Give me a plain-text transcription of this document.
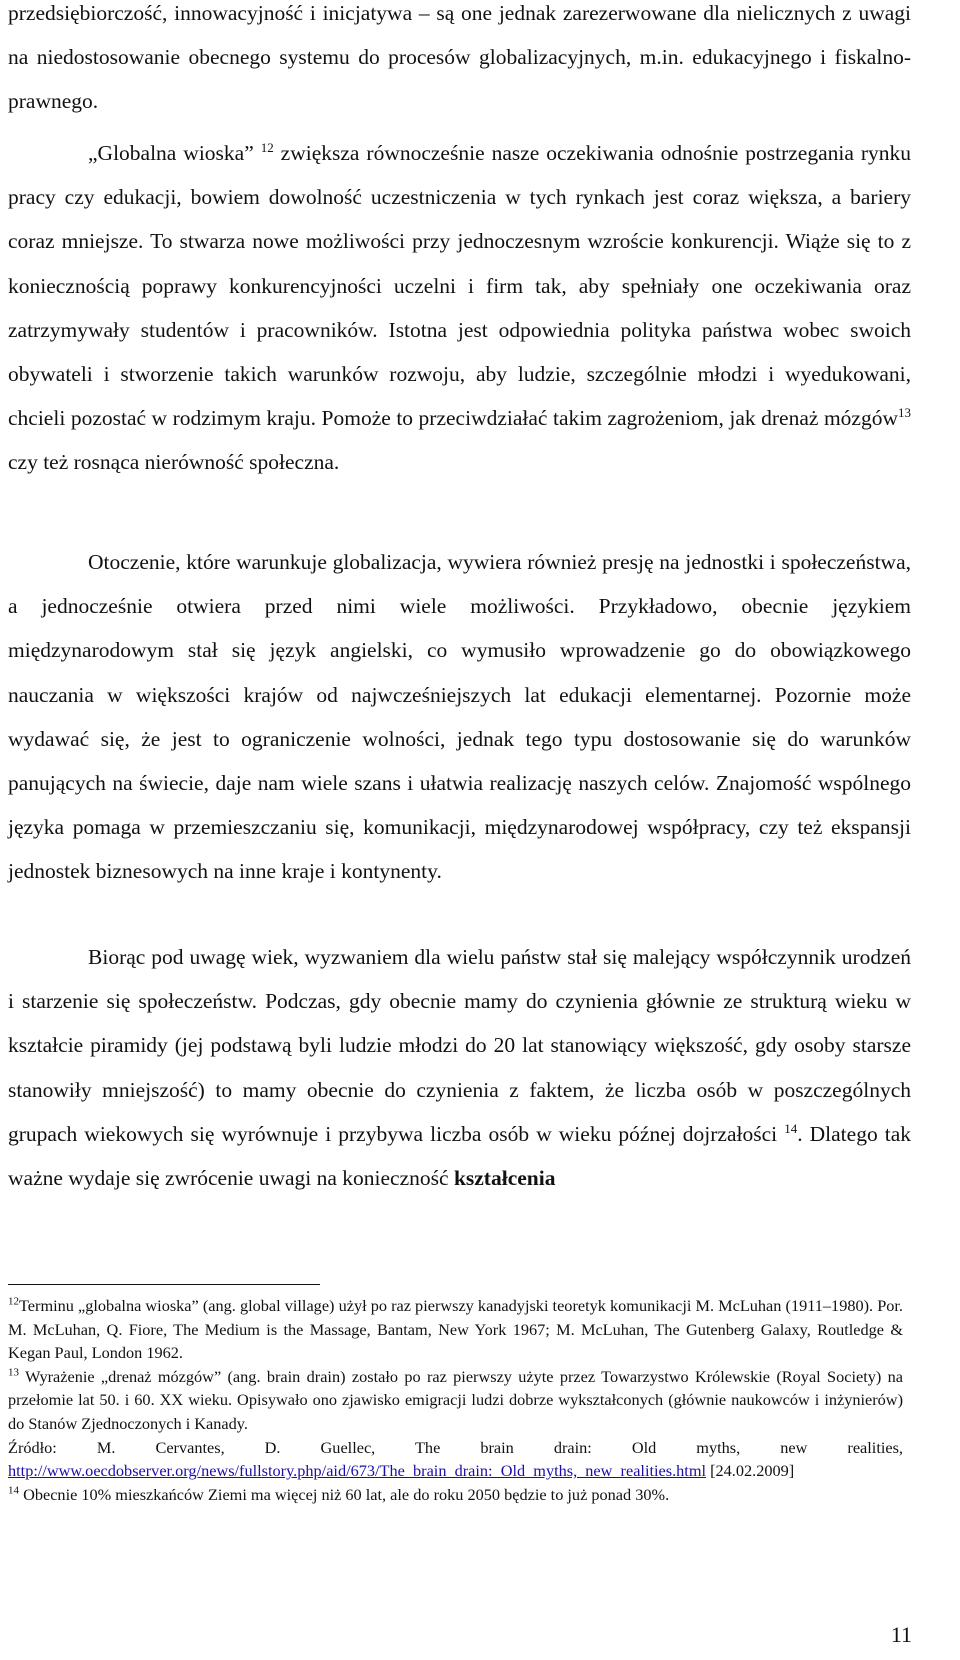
przedsiębiorczość, innowacyjność i inicjatywa – są one jednak zarezerwowane dla nielicznych z uwagi na niedostosowanie obecnego systemu do procesów globalizacyjnych, m.in. edukacyjnego i fiskalno-prawnego.

„Globalna wioska” $^{12}$ zwiększa równocześnie nasze oczekiwania odnośnie postrzegania rynku pracy czy edukacji, bowiem dowolność uczestniczenia w tych rynkach jest coraz większa, a bariery coraz mniejsze. To stwarza nowe możliwości przy jednoczesnym wzroście konkurencji. Wiąże się to z koniecznością poprawy konkurencyjności uczelni i firm tak, aby spełniały one oczekiwania oraz zatrzymywały studentów i pracowników. Istotna jest odpowiednia polityka państwa wobec swoich obywateli i stworzenie takich warunków rozwoju, aby ludzie, szczególnie młodzi i wyedukowani, chcieli pozostać w rodzimym kraju. Pomoże to przeciwdziałać takim zagrożeniom, jak drenaż mózgów$^{13}$ czy też rosnąca nierówność społeczna.

Otoczenie, które warunkuje globalizacja, wywiera również presję na jednostki i społeczeństwa, a jednocześnie otwiera przed nimi wiele możliwości. Przykładowo, obecnie językiem międzynarodowym stał się język angielski, co wymusiło wprowadzenie go do obowiązkowego nauczania w większości krajów od najwcześniejszych lat edukacji elementarnej. Pozornie może wydawać się, że jest to ograniczenie wolności, jednak tego typu dostosowanie się do warunków panujących na świecie, daje nam wiele szans i ułatwia realizację naszych celów. Znajomość wspólnego języka pomaga w przemieszczaniu się, komunikacji, międzynarodowej współpracy, czy też ekspansji jednostek biznesowych na inne kraje i kontynenty.

Biorąc pod uwagę wiek, wyzwaniem dla wielu państw stał się malejący współczynnik urodzeń i starzenie się społeczeństw. Podczas, gdy obecnie mamy do czynienia głównie ze strukturą wieku w kształcie piramidy (jej podstawą byli ludzie młodzi do 20 lat stanowiący większość, gdy osoby starsze stanowiły mniejszość) to mamy obecnie do czynienia z faktem, że liczba osób w poszczególnych grupach wiekowych się wyrównuje i przybywa liczba osób w wieku późnej dojrzałości $^{14}$. Dlatego tak ważne wydaje się zwrócenie uwagi na konieczność kształcenia

$^{12}$Terminu „globalna wioska” (ang. global village) użył po raz pierwszy kanadyjski teoretyk komunikacji M. McLuhan (1911–1980). Por. M. McLuhan, Q. Fiore, The Medium is the Massage, Bantam, New York 1967; M. McLuhan, The Gutenberg Galaxy, Routledge & Kegan Paul, London 1962.

$^{13}$ Wyrażenie „drenaż mózgów” (ang. brain drain) zostało po raz pierwszy użyte przez Towarzystwo Królewskie (Royal Society) na przełomie lat 50. i 60. XX wieku. Opisywało ono zjawisko emigracji ludzi dobrze wykształconych (głównie naukowców i inżynierów) do Stanów Zjednoczonych i Kanady.
Źródło: M. Cervantes, D. Guellec, The brain drain: Old myths, new realities, http://www.oecdobserver.org/news/fullstory.php/aid/673/The_brain_drain:_Old_myths,_new_realities.html [24.02.2009]

$^{14}$ Obecnie 10% mieszkańców Ziemi ma więcej niż 60 lat, ale do roku 2050 będzie to już ponad 30%.

11
